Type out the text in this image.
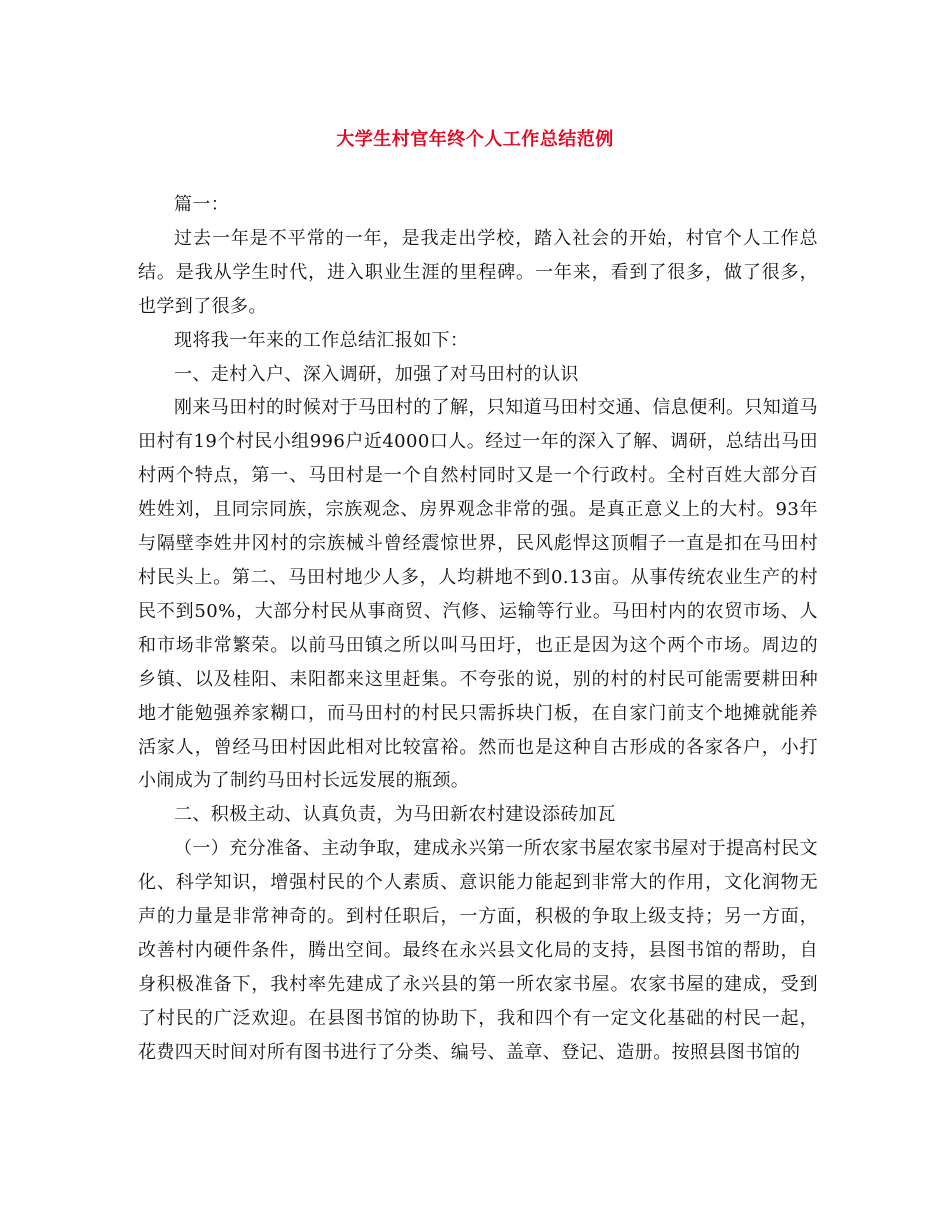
大学生村官年终个人工作总结范例

篇一：

过去一年是不平常的一年，是我走出学校，踏入社会的开始，村官个人工作总结。是我从学生时代，进入职业生涯的里程碑。一年来，看到了很多，做了很多，也学到了很多。

现将我一年来的工作总结汇报如下：

一、走村入户、深入调研，加强了对马田村的认识

刚来马田村的时候对于马田村的了解，只知道马田村交通、信息便利。只知道马田村有19个村民小组996户近4000口人。经过一年的深入了解、调研，总结出马田村两个特点，第一、马田村是一个自然村同时又是一个行政村。全村百姓大部分百姓姓刘，且同宗同族，宗族观念、房界观念非常的强。是真正意义上的大村。93年与隔壁李姓井冈村的宗族械斗曾经震惊世界，民风彪悍这顶帽子一直是扣在马田村村民头上。第二、马田村地少人多，人均耕地不到0.13亩。从事传统农业生产的村民不到50%，大部分村民从事商贸、汽修、运输等行业。马田村内的农贸市场、人和市场非常繁荣。以前马田镇之所以叫马田圩，也正是因为这个两个市场。周边的乡镇、以及桂阳、耒阳都来这里赶集。不夸张的说，别的村的村民可能需要耕田种地才能勉强养家糊口，而马田村的村民只需拆块门板，在自家门前支个地摊就能养活家人，曾经马田村因此相对比较富裕。然而也是这种自古形成的各家各户，小打小闹成为了制约马田村长远发展的瓶颈。

二、积极主动、认真负责，为马田新农村建设添砖加瓦

（一）充分准备、主动争取，建成永兴第一所农家书屋农家书屋对于提高村民文化、科学知识，增强村民的个人素质、意识能力能起到非常大的作用，文化润物无声的力量是非常神奇的。到村任职后，一方面，积极的争取上级支持；另一方面，改善村内硬件条件，腾出空间。最终在永兴县文化局的支持，县图书馆的帮助，自身积极准备下，我村率先建成了永兴县的第一所农家书屋。农家书屋的建成，受到了村民的广泛欢迎。在县图书馆的协助下，我和四个有一定文化基础的村民一起，花费四天时间对所有图书进行了分类、编号、盖章、登记、造册。按照县图书馆的
